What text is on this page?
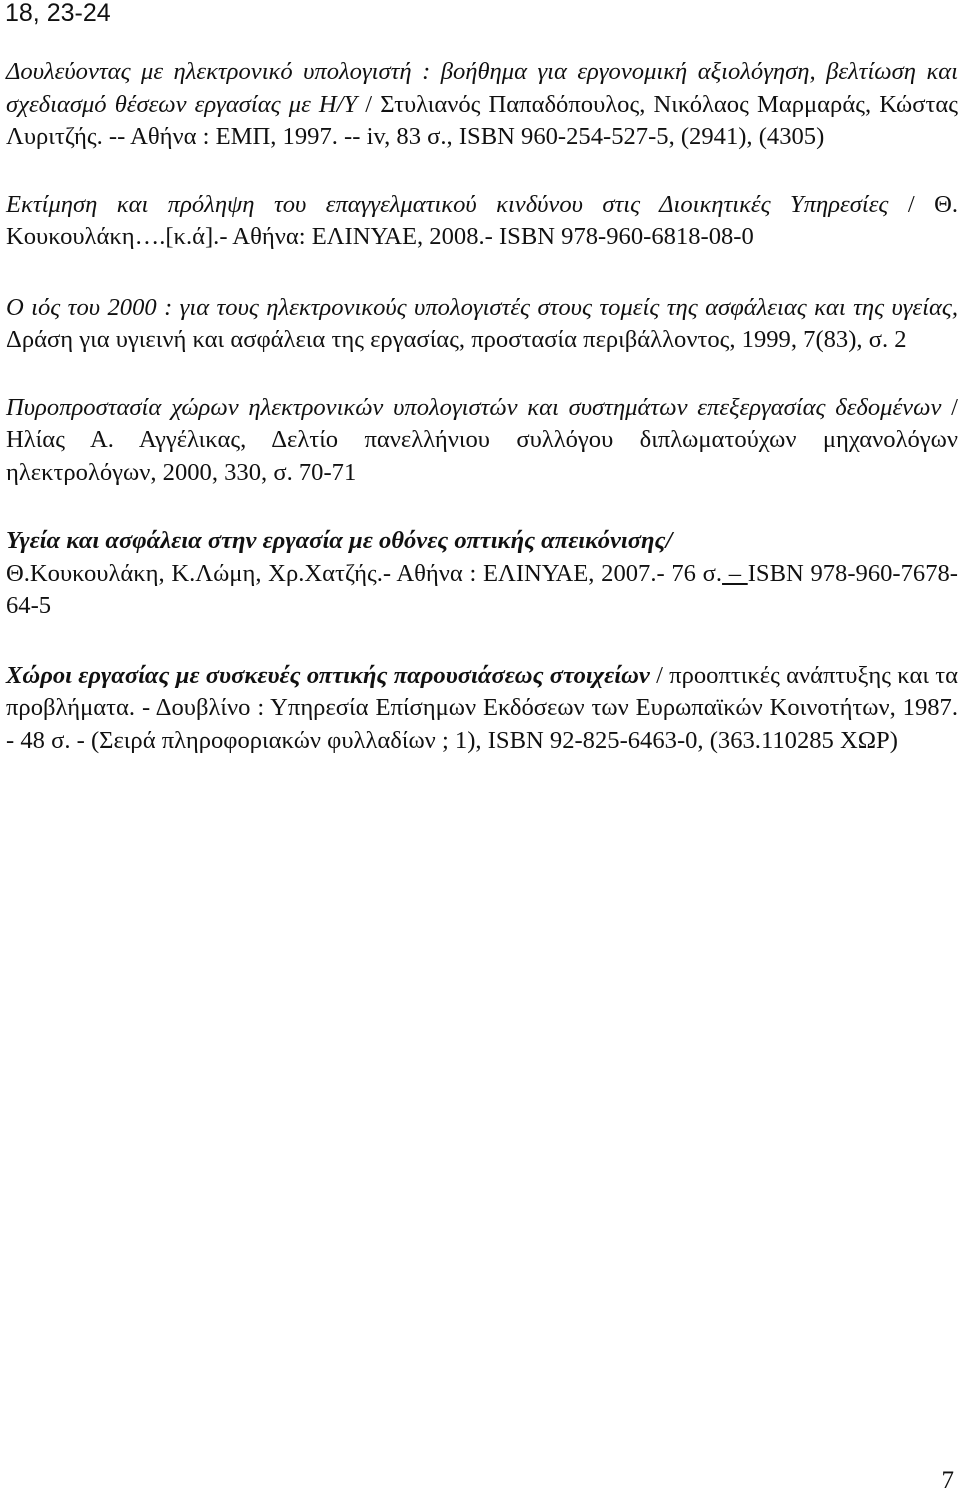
18, 23-24

Δουλεύοντας με ηλεκτρονικό υπολογιστή : βοήθημα για εργονομική αξιολόγηση, βελτίωση και σχεδιασμό θέσεων εργασίας με Η/Υ / Στυλιανός Παπαδόπουλος, Νικόλαος Μαρμαράς, Κώστας Λυριτζής. -- Αθήνα : ΕΜΠ, 1997. -- iv, 83 σ., ISBN 960-254-527-5, (2941), (4305)

Εκτίμηση και πρόληψη του επαγγελματικού κινδύνου στις Διοικητικές Υπηρεσίες / Θ. Κουκουλάκη….[κ.ά].- Αθήνα: ΕΛΙΝΥΑΕ, 2008.- ISBN 978-960-6818-08-0

Ο ιός του 2000 : για τους ηλεκτρονικούς υπολογιστές στους τομείς της ασφάλειας και της υγείας, Δράση για υγιεινή και ασφάλεια της εργασίας, προστασία περιβάλλοντος, 1999, 7(83), σ. 2

Πυροπροστασία χώρων ηλεκτρονικών υπολογιστών και συστημάτων επεξεργασίας δεδομένων / Ηλίας Α. Αγγέλικας, Δελτίο πανελλήνιου συλλόγου διπλωματούχων μηχανολόγων ηλεκτρολόγων, 2000, 330, σ. 70-71

Υγεία και ασφάλεια στην εργασία με οθόνες οπτικής απεικόνισης/
Θ.Κουκουλάκη, Κ.Λώμη, Χρ.Χατζής.- Αθήνα : ΕΛΙΝΥΑΕ, 2007.- 76 σ. – ISBN 978-960-7678-64-5

Χώροι εργασίας με συσκευές οπτικής παρουσιάσεως στοιχείων / προοπτικές ανάπτυξης και τα προβλήματα. - Δουβλίνο : Υπηρεσία Επίσημων Εκδόσεων των Ευρωπαϊκών Κοινοτήτων, 1987. - 48 σ. - (Σειρά πληροφοριακών φυλλαδίων ; 1), ISBN 92-825-6463-0, (363.110285 ΧΩΡ)

7
